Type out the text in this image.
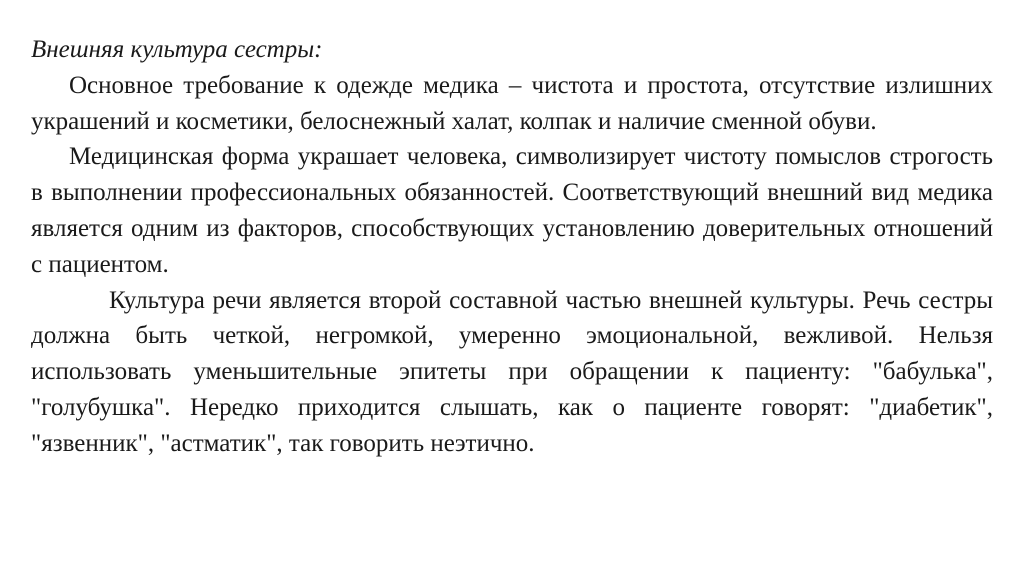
Внешняя культура сестры:

Основное требование к одежде медика – чистота и простота, отсутствие излишних украшений и косметики, белоснежный халат, колпак и наличие сменной обуви.

Медицинская форма украшает человека, символизирует чистоту помыслов строгость в выполнении профессиональных обязанностей. Соответствующий внешний вид медика является одним из факторов, способствующих установлению доверительных отношений с пациентом.

Культура речи является второй составной частью внешней культуры. Речь сестры должна быть четкой, негромкой, умеренно эмоциональной, вежливой. Нельзя использовать уменьшительные эпитеты при обращении к пациенту: "бабулька", "голубушка". Нередко приходится слышать, как о пациенте говорят: "диабетик", "язвенник", "астматик", так говорить неэтично.
